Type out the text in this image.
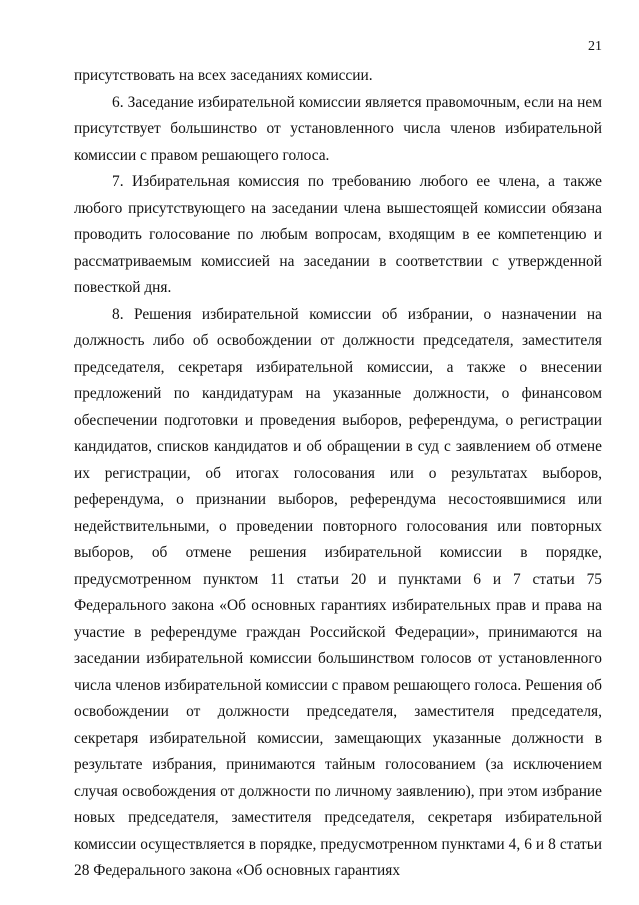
21

присутствовать на всех заседаниях комиссии.

6. Заседание избирательной комиссии является правомочным, если на нем присутствует большинство от установленного числа членов избирательной комиссии с правом решающего голоса.

7. Избирательная комиссия по требованию любого ее члена, а также любого присутствующего на заседании члена вышестоящей комиссии обязана проводить голосование по любым вопросам, входящим в ее компетенцию и рассматриваемым комиссией на заседании в соответствии с утвержденной повесткой дня.

8. Решения избирательной комиссии об избрании, о назначении на должность либо об освобождении от должности председателя, заместителя председателя, секретаря избирательной комиссии, а также о внесении предложений по кандидатурам на указанные должности, о финансовом обеспечении подготовки и проведения выборов, референдума, о регистрации кандидатов, списков кандидатов и об обращении в суд с заявлением об отмене их регистрации, об итогах голосования или о результатах выборов, референдума, о признании выборов, референдума несостоявшимися или недействительными, о проведении повторного голосования или повторных выборов, об отмене решения избирательной комиссии в порядке, предусмотренном пунктом 11 статьи 20 и пунктами 6 и 7 статьи 75 Федерального закона «Об основных гарантиях избирательных прав и права на участие в референдуме граждан Российской Федерации», принимаются на заседании избирательной комиссии большинством голосов от установленного числа членов избирательной комиссии с правом решающего голоса. Решения об освобождении от должности председателя, заместителя председателя, секретаря избирательной комиссии, замещающих указанные должности в результате избрания, принимаются тайным голосованием (за исключением случая освобождения от должности по личному заявлению), при этом избрание новых председателя, заместителя председателя, секретаря избирательной комиссии осуществляется в порядке, предусмотренном пунктами 4, 6 и 8 статьи 28 Федерального закона «Об основных гарантиях
